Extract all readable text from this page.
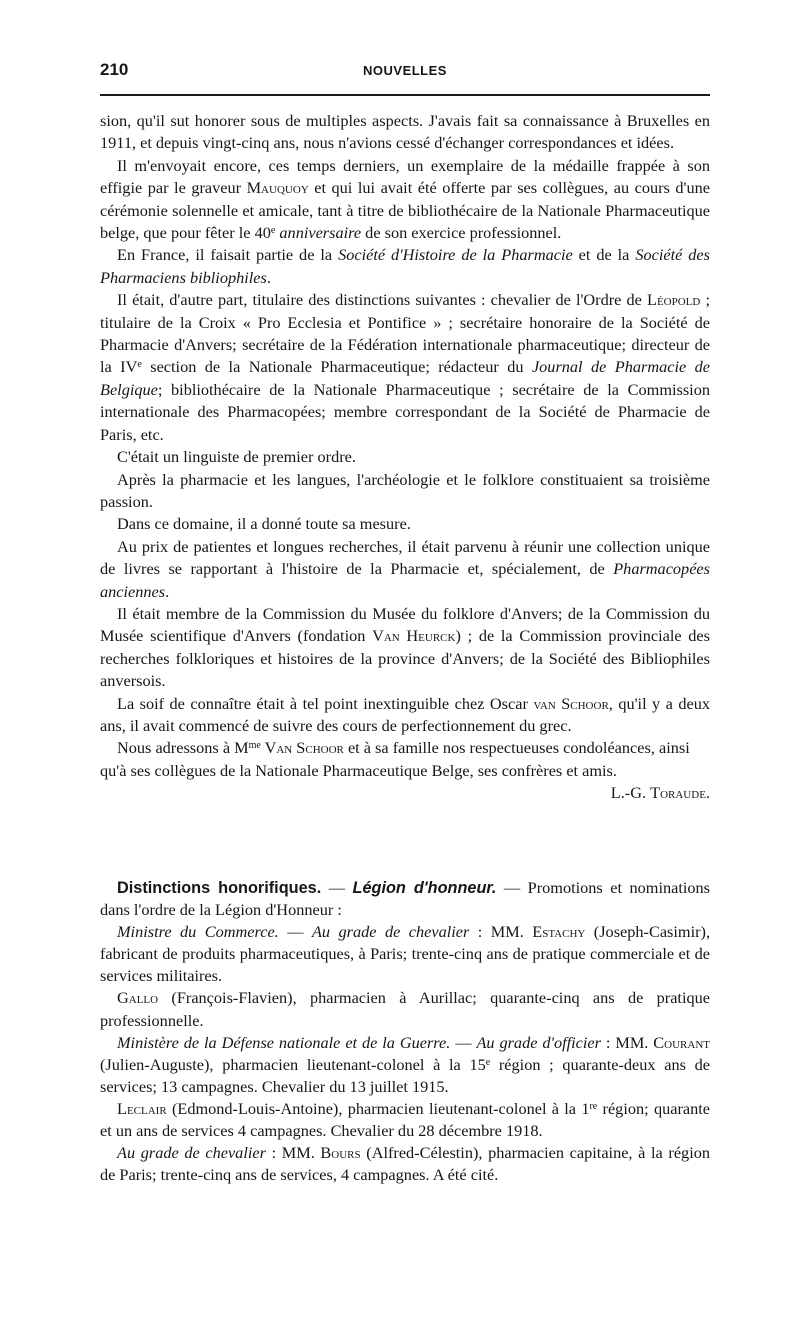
210	NOUVELLES

sion, qu'il sut honorer sous de multiples aspects. J'avais fait sa connaissance à Bruxelles en 1911, et depuis vingt-cinq ans, nous n'avions cessé d'échanger correspondances et idées.

Il m'envoyait encore, ces temps derniers, un exemplaire de la médaille frappée à son effigie par le graveur Mauquoy et qui lui avait été offerte par ses collègues, au cours d'une cérémonie solennelle et amicale, tant à titre de bibliothécaire de la Nationale Pharmaceutique belge, que pour fêter le 40e anniversaire de son exercice professionnel.

En France, il faisait partie de la Société d'Histoire de la Pharmacie et de la Société des Pharmaciens bibliophiles.

Il était, d'autre part, titulaire des distinctions suivantes : chevalier de l'Ordre de Léopold ; titulaire de la Croix « Pro Ecclesia et Pontifice » ; secrétaire honoraire de la Société de Pharmacie d'Anvers; secrétaire de la Fédération internationale pharmaceutique; directeur de la IVe section de la Nationale Pharmaceutique; rédacteur du Journal de Pharmacie de Belgique; bibliothécaire de la Nationale Pharmaceutique ; secrétaire de la Commission internationale des Pharmacopées; membre correspondant de la Société de Pharmacie de Paris, etc.

C'était un linguiste de premier ordre.

Après la pharmacie et les langues, l'archéologie et le folklore constituaient sa troisième passion.

Dans ce domaine, il a donné toute sa mesure.

Au prix de patientes et longues recherches, il était parvenu à réunir une collection unique de livres se rapportant à l'histoire de la Pharmacie et, spécialement, de Pharmacopées anciennes.

Il était membre de la Commission du Musée du folklore d'Anvers; de la Commission du Musée scientifique d'Anvers (fondation Van Heurck) ; de la Commission provinciale des recherches folkloriques et histoires de la province d'Anvers; de la Société des Bibliophiles anversois.

La soif de connaître était à tel point inextinguible chez Oscar van Schoor, qu'il y a deux ans, il avait commencé de suivre des cours de perfectionnement du grec.

Nous adressons à $M^{me}$ Van Schoor et à sa famille nos respectueuses condoléances, ainsi qu'à ses collègues de la Nationale Pharmaceutique Belge, ses confrères et amis.
L.-G. Toraude.

Distinctions honorifiques. — Légion d'honneur. — Promotions et nominations dans l'ordre de la Légion d'Honneur :

Ministre du Commerce. — Au grade de chevalier : MM. Estachy (Joseph-Casimir), fabricant de produits pharmaceutiques, à Paris; trente-cinq ans de pratique commerciale et de services militaires.

Gallo (François-Flavien), pharmacien à Aurillac; quarante-cinq ans de pratique professionnelle.

Ministère de la Défense nationale et de la Guerre. — Au grade d'officier : MM. Courant (Julien-Auguste), pharmacien lieutenant-colonel à la 15e région ; quarante-deux ans de services; 13 campagnes. Chevalier du 13 juillet 1915.

Leclair (Edmond-Louis-Antoine), pharmacien lieutenant-colonel à la 1re région; quarante et un ans de services 4 campagnes. Chevalier du 28 décembre 1918.

Au grade de chevalier : MM. Bours (Alfred-Célestin), pharmacien capitaine, à la région de Paris; trente-cinq ans de services, 4 campagnes. A été cité.
